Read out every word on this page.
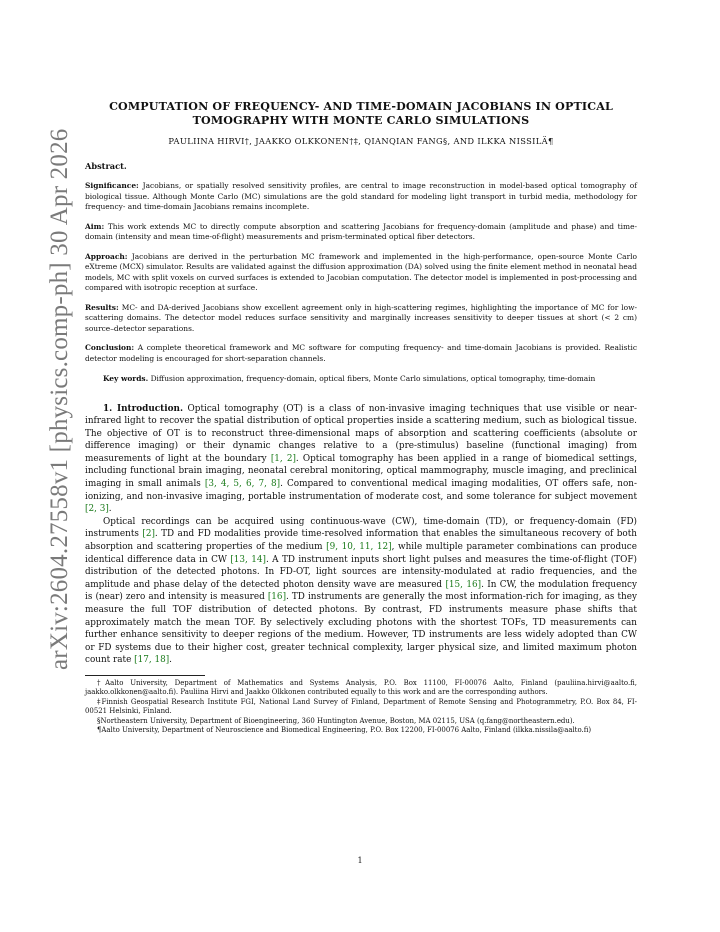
arXiv:2604.27558v1 [physics.comp-ph] 30 Apr 2026
COMPUTATION OF FREQUENCY- AND TIME-DOMAIN JACOBIANS IN OPTICAL TOMOGRAPHY WITH MONTE CARLO SIMULATIONS
PAULIINA HIRVI†, JAAKKO OLKKONEN†‡, QIANQIAN FANG§, AND ILKKA NISSILÄ¶
Abstract.
Significance: Jacobians, or spatially resolved sensitivity profiles, are central to image reconstruction in model-based optical tomography of biological tissue. Although Monte Carlo (MC) simulations are the gold standard for modeling light transport in turbid media, methodology for frequency- and time-domain Jacobians remains incomplete.
Aim: This work extends MC to directly compute absorption and scattering Jacobians for frequency-domain (amplitude and phase) and time-domain (intensity and mean time-of-flight) measurements and prism-terminated optical fiber detectors.
Approach: Jacobians are derived in the perturbation MC framework and implemented in the high-performance, open-source Monte Carlo eXtreme (MCX) simulator. Results are validated against the diffusion approximation (DA) solved using the finite element method in neonatal head models, MC with split voxels on curved surfaces is extended to Jacobian computation. The detector model is implemented in post-processing and compared with isotropic reception at surface.
Results: MC- and DA-derived Jacobians show excellent agreement only in high-scattering regimes, highlighting the importance of MC for low-scattering domains. The detector model reduces surface sensitivity and marginally increases sensitivity to deeper tissues at short (< 2 cm) source–detector separations.
Conclusion: A complete theoretical framework and MC software for computing frequency- and time-domain Jacobians is provided. Realistic detector modeling is encouraged for short-separation channels.
Key words. Diffusion approximation, frequency-domain, optical fibers, Monte Carlo simulations, optical tomography, time-domain

1. Introduction. Optical tomography (OT) is a class of non-invasive imaging techniques that use visible or near-infrared light to recover the spatial distribution of optical properties inside a scattering medium, such as biological tissue. The objective of OT is to reconstruct three-dimensional maps of absorption and scattering coefficients (absolute or difference imaging) or their dynamic changes relative to a (pre-stimulus) baseline (functional imaging) from measurements of light at the boundary [1, 2]. Optical tomography has been applied in a range of biomedical settings, including functional brain imaging, neonatal cerebral monitoring, optical mammography, muscle imaging, and preclinical imaging in small animals [3, 4, 5, 6, 7, 8]. Compared to conventional medical imaging modalities, OT offers safe, non-ionizing, and non-invasive imaging, portable instrumentation of moderate cost, and some tolerance for subject movement [2, 3].

Optical recordings can be acquired using continuous-wave (CW), time-domain (TD), or frequency-domain (FD) instruments [2]. TD and FD modalities provide time-resolved information that enables the simultaneous recovery of both absorption and scattering properties of the medium [9, 10, 11, 12], while multiple parameter combinations can produce identical difference data in CW [13, 14]. A TD instrument inputs short light pulses and measures the time-of-flight (TOF) distribution of the detected photons. In FD-OT, light sources are intensity-modulated at radio frequencies, and the amplitude and phase delay of the detected photon density wave are measured [15, 16]. In CW, the modulation frequency is (near) zero and intensity is measured [16]. TD instruments are generally the most information-rich for imaging, as they measure the full TOF distribution of detected photons. By contrast, FD instruments measure phase shifts that approximately match the mean TOF. By selectively excluding photons with the shortest TOFs, TD measurements can further enhance sensitivity to deeper regions of the medium. However, TD instruments are less widely adopted than CW or FD systems due to their higher cost, greater technical complexity, larger physical size, and limited maximum photon count rate [17, 18].

†Aalto University, Department of Mathematics and Systems Analysis, P.O. Box 11100, FI-00076 Aalto, Finland (pauliina.hirvi@aalto.fi, jaakko.olkkonen@aalto.fi). Pauliina Hirvi and Jaakko Olkkonen contributed equally to this work and are the corresponding authors.

‡Finnish Geospatial Research Institute FGI, National Land Survey of Finland, Department of Remote Sensing and Photogrammetry, P.O. Box 84, FI-00521 Helsinki, Finland.

§Northeastern University, Department of Bioengineering, 360 Huntington Avenue, Boston, MA 02115, USA (q.fang@northeastern.edu).

¶Aalto University, Department of Neuroscience and Biomedical Engineering, P.O. Box 12200, FI-00076 Aalto, Finland (ilkka.nissila@aalto.fi)

1
